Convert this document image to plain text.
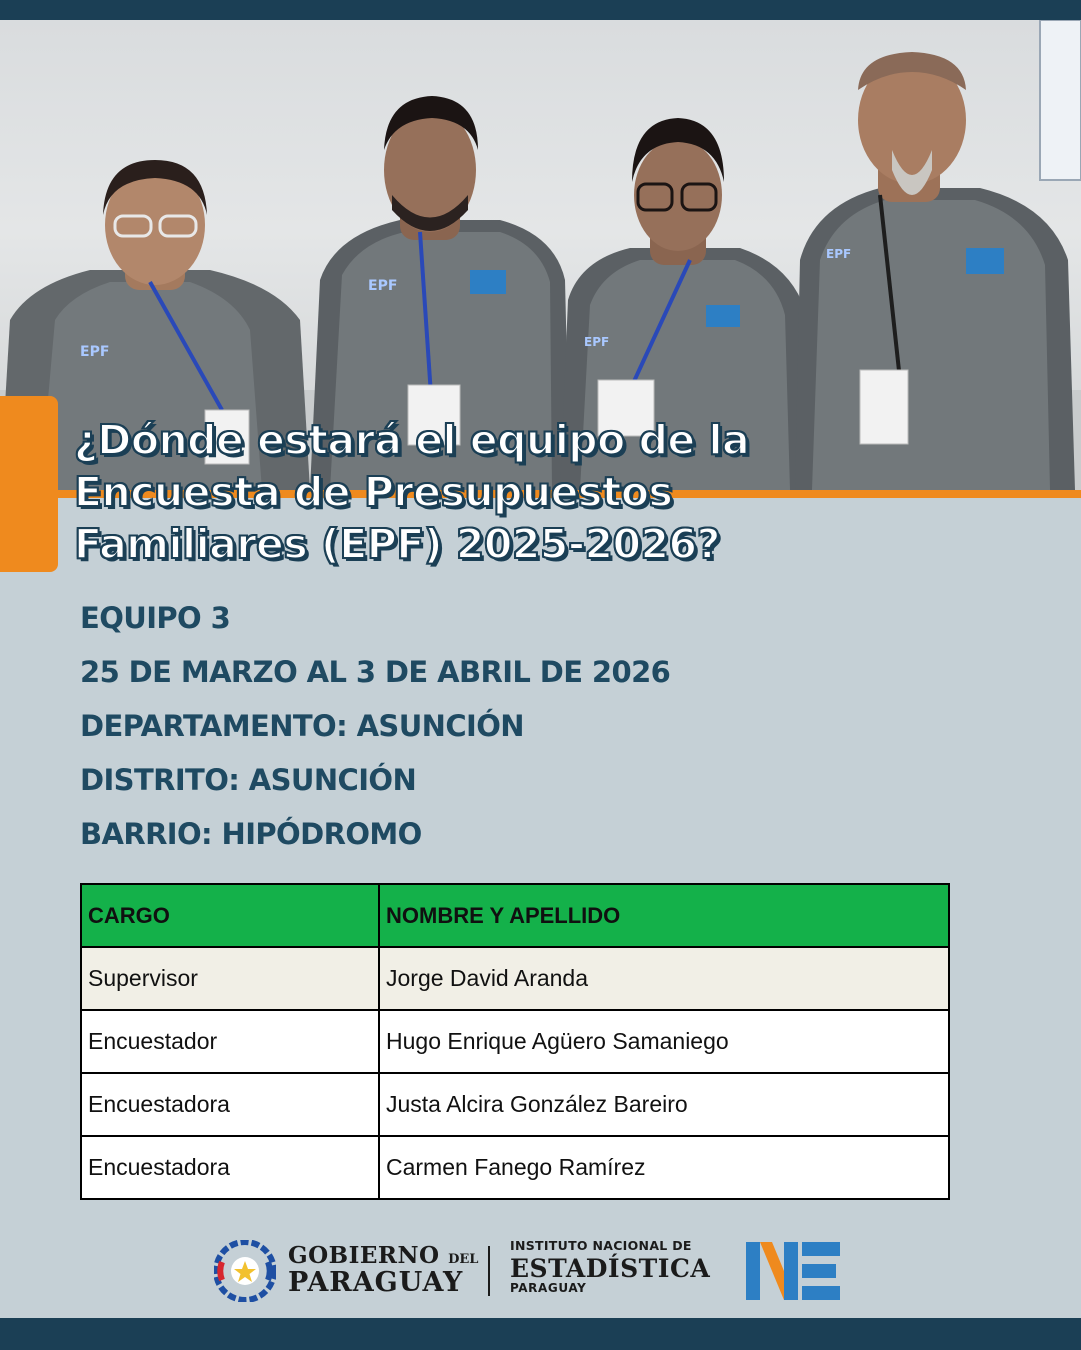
EPF
EPF
EPF
EPF
¿Dónde estará el equipo de la
Encuesta de Presupuestos
Familiares (EPF) 2025-2026?
EQUIPO 3
25 DE MARZO AL 3 DE ABRIL DE 2026
DEPARTAMENTO: ASUNCIÓN
DISTRITO: ASUNCIÓN
BARRIO: HIPÓDROMO
CARGO	NOMBRE Y APELLIDO
Supervisor	Jorge David Aranda
Encuestador	Hugo Enrique Agüero Samaniego
Encuestadora	Justa Alcira González Bareiro
Encuestadora	Carmen Fanego Ramírez
GOBIERNO DEL
PARAGUAY
INSTITUTO NACIONAL DE
ESTADÍSTICA
PARAGUAY
